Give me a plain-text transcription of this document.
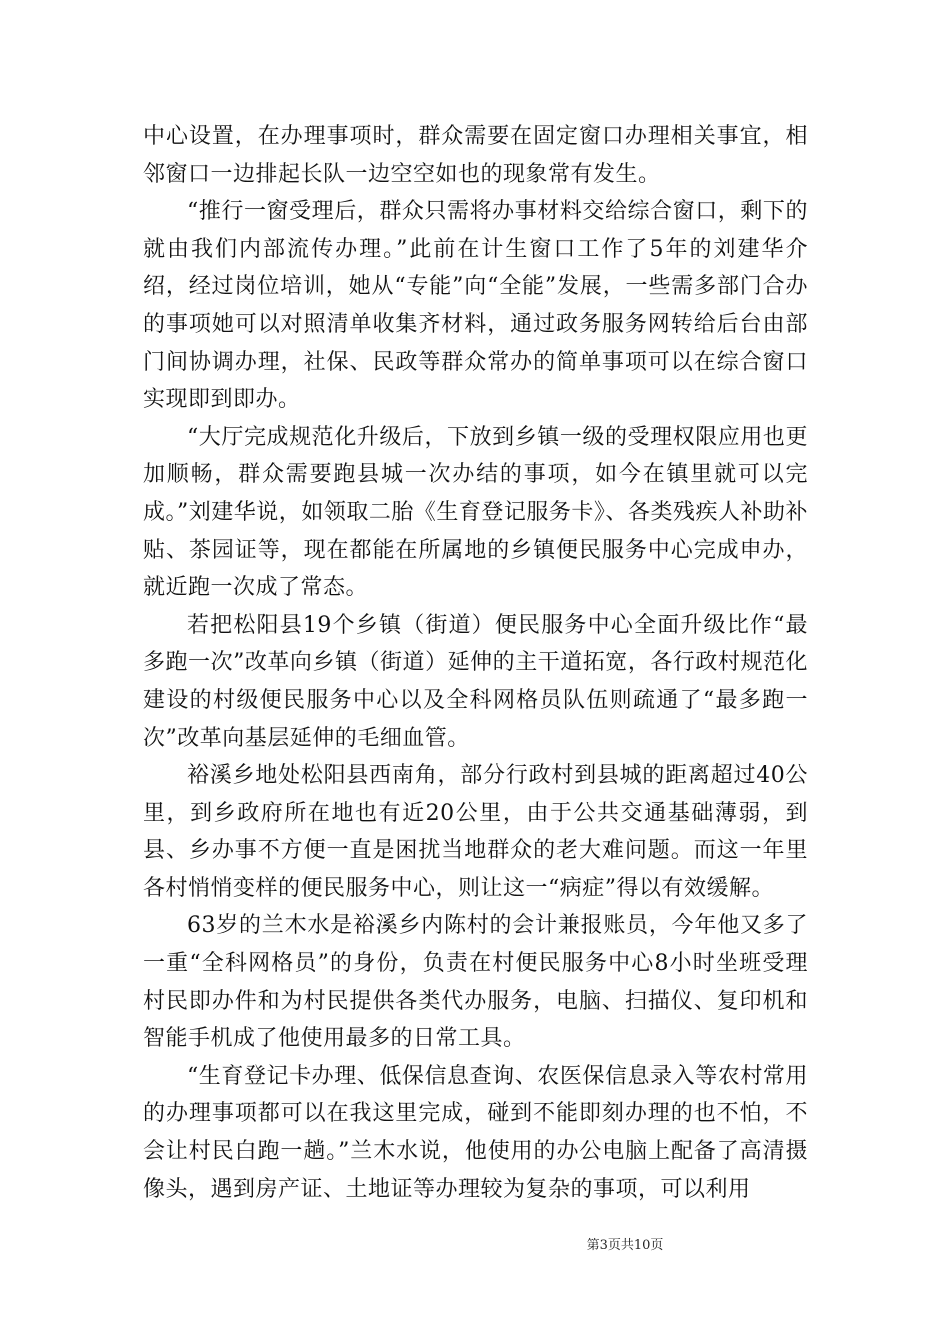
中心设置，在办理事项时，群众需要在固定窗口办理相关事宜，相邻窗口一边排起长队一边空空如也的现象常有发生。

“推行一窗受理后，群众只需将办事材料交给综合窗口，剩下的就由我们内部流传办理。”此前在计生窗口工作了5年的刘建华介绍，经过岗位培训，她从“专能”向“全能”发展，一些需多部门合办的事项她可以对照清单收集齐材料，通过政务服务网转给后台由部门间协调办理，社保、民政等群众常办的简单事项可以在综合窗口实现即到即办。

“大厅完成规范化升级后，下放到乡镇一级的受理权限应用也更加顺畅，群众需要跑县城一次办结的事项，如今在镇里就可以完成。”刘建华说，如领取二胎《生育登记服务卡》、各类残疾人补助补贴、茶园证等，现在都能在所属地的乡镇便民服务中心完成申办，就近跑一次成了常态。

若把松阳县19个乡镇（街道）便民服务中心全面升级比作“最多跑一次”改革向乡镇（街道）延伸的主干道拓宽，各行政村规范化建设的村级便民服务中心以及全科网格员队伍则疏通了“最多跑一次”改革向基层延伸的毛细血管。

裕溪乡地处松阳县西南角，部分行政村到县城的距离超过40公里，到乡政府所在地也有近20公里，由于公共交通基础薄弱，到县、乡办事不方便一直是困扰当地群众的老大难问题。而这一年里各村悄悄变样的便民服务中心，则让这一“病症”得以有效缓解。

63岁的兰木水是裕溪乡内陈村的会计兼报账员，今年他又多了一重“全科网格员”的身份，负责在村便民服务中心8小时坐班受理村民即办件和为村民提供各类代办服务，电脑、扫描仪、复印机和智能手机成了他使用最多的日常工具。

“生育登记卡办理、低保信息查询、农医保信息录入等农村常用的办理事项都可以在我这里完成，碰到不能即刻办理的也不怕，不会让村民白跑一趟。”兰木水说，他使用的办公电脑上配备了高清摄像头，遇到房产证、土地证等办理较为复杂的事项，可以利用

第3页共10页
